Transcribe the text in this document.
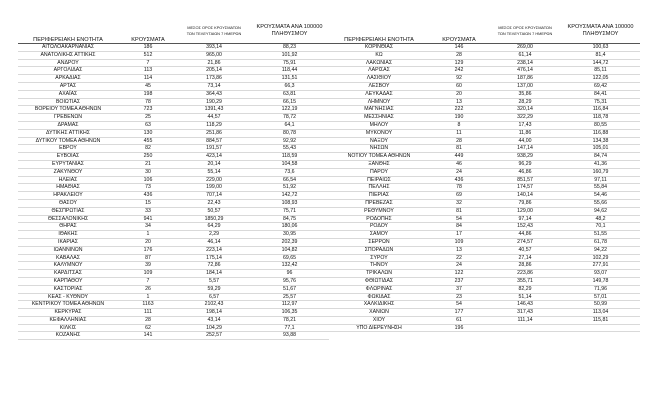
ΠΕΡΙΦΕΡΕΙΑΚΗ ΕΝΟΤΗΤΑ	ΚΡΟΥΣΜΑΤΑ
ΜΕΣΟΣ ΟΡΟΣ ΚΡΟΥΣΜΑΤΩΝ
ΤΩΝ ΤΕΛΕΥΤΑΙΩΝ 7 ΗΜΕΡΩΝ
ΚΡΟΥΣΜΑΤΑ ΑΝΑ 100000
ΠΛΗΘΥΣΜΟΥ
ΑΙΤΩΛΟΑΚΑΡΝΑΝΙΑΣ	186	393,14	88,23
ΑΝΑΤΟΛΙΚΗΣ ΑΤΤΙΚΗΣ	512	965,00	101,92
ΑΝΔΡΟΥ	7	21,86	75,91
ΑΡΓΟΛΙΔΑΣ	113	205,14	118,44
ΑΡΚΑΔΙΑΣ	114	173,86	131,51
ΑΡΤΑΣ	45	73,14	66,3
ΑΧΑΪΑΣ	198	364,43	63,81
ΒΟΙΩΤΙΑΣ	78	190,29	66,15
ΒΟΡΕΙΟΥ ΤΟΜΕΑ ΑΘΗΝΩΝ	723	1391,43	122,19
ΓΡΕΒΕΝΩΝ	25	44,57	78,72
ΔΡΑΜΑΣ	63	118,29	64,1
ΔΥΤΙΚΗΣ ΑΤΤΙΚΗΣ	130	251,86	80,78
ΔΥΤΙΚΟΥ ΤΟΜΕΑ ΑΘΗΝΩΝ	455	884,57	92,92
ΕΒΡΟΥ	82	191,57	55,43
ΕΥΒΟΙΑΣ	250	423,14	118,59
ΕΥΡΥΤΑΝΙΑΣ	21	20,14	104,58
ΖΑΚΥΝΘΟΥ	30	55,14	73,6
ΗΛΕΙΑΣ	106	229,00	66,54
ΗΜΑΘΙΑΣ	73	199,00	51,92
ΗΡΑΚΛΕΙΟΥ	436	707,14	142,72
ΘΑΣΟΥ	15	22,43	108,93
ΘΕΣΠΡΩΤΙΑΣ	33	50,57	75,71
ΘΕΣΣΑΛΟΝΙΚΗΣ	941	1850,29	84,75
ΘΗΡΑΣ	34	64,29	180,06
ΙΘΑΚΗΣ	1	2,29	30,95
ΙΚΑΡΙΑΣ	20	46,14	202,39
ΙΩΑΝΝΙΝΩΝ	176	223,14	104,82
ΚΑΒΑΛΑΣ	87	175,14	69,65
ΚΑΛΥΜΝΟΥ	39	72,86	132,42
ΚΑΡΔΙΤΣΑΣ	109	184,14	96
ΚΑΡΠΑΘΟΥ	7	5,57	95,76
ΚΑΣΤΟΡΙΑΣ	26	59,29	51,67
ΚΕΑΣ - ΚΥΘΝΟΥ	1	6,57	25,57
ΚΕΝΤΡΙΚΟΥ ΤΟΜΕΑ ΑΘΗΝΩΝ	1163	2102,43	112,97
ΚΕΡΚΥΡΑΣ	111	198,14	106,35
ΚΕΦΑΛΛΗΝΙΑΣ	28	43,14	78,21
ΚΙΛΚΙΣ	62	104,29	77,1
ΚΟΖΑΝΗΣ	141	252,57	93,88
ΠΕΡΙΦΕΡΕΙΑΚΗ ΕΝΟΤΗΤΑ	ΚΡΟΥΣΜΑΤΑ
ΜΕΣΟΣ ΟΡΟΣ ΚΡΟΥΣΜΑΤΩΝ
ΤΩΝ ΤΕΛΕΥΤΑΙΩΝ 7 ΗΜΕΡΩΝ
ΚΡΟΥΣΜΑΤΑ ΑΝΑ 100000
ΠΛΗΘΥΣΜΟΥ
ΚΟΡΙΝΘΙΑΣ	146	269,00	100,63
ΚΩ	28	61,14	81,4
ΛΑΚΩΝΙΑΣ	129	238,14	144,72
ΛΑΡΙΣΑΣ	242	476,14	85,11
ΛΑΣΙΘΙΟΥ	92	187,86	122,05
ΛΕΣΒΟΥ	60	137,00	69,42
ΛΕΥΚΑΔΑΣ	20	35,86	84,41
ΛΗΜΝΟΥ	13	28,29	75,31
ΜΑΓΝΗΣΙΑΣ	222	320,14	116,84
ΜΕΣΣΗΝΙΑΣ	190	322,29	118,78
ΜΗΛΟΥ	8	17,43	80,55
ΜΥΚΟΝΟΥ	11	11,86	116,88
ΝΑΞΟΥ	28	44,00	134,38
ΝΗΣΩΝ	81	147,14	105,01
ΝΟΤΙΟΥ ΤΟΜΕΑ ΑΘΗΝΩΝ	449	938,29	84,74
ΞΑΝΘΗΣ	46	96,29	41,36
ΠΑΡΟΥ	24	46,86	160,79
ΠΕΙΡΑΙΩΣ	436	851,57	97,11
ΠΕΛΛΗΣ	78	174,57	55,84
ΠΙΕΡΙΑΣ	69	140,14	54,46
ΠΡΕΒΕΖΑΣ	32	79,86	55,66
ΡΕΘΥΜΝΟΥ	81	129,00	94,62
ΡΟΔΟΠΗΣ	54	97,14	48,2
ΡΟΔΟΥ	84	152,43	70,1
ΣΑΜΟΥ	17	44,86	51,55
ΣΕΡΡΩΝ	109	274,57	61,78
ΣΠΟΡΑΔΩΝ	13	40,57	94,22
ΣΥΡΟΥ	22	27,14	102,29
ΤΗΝΟΥ	24	28,86	277,91
ΤΡΙΚΑΛΩΝ	122	223,86	93,07
ΦΘΙΩΤΙΔΑΣ	237	355,71	149,78
ΦΛΩΡΙΝΑΣ	37	82,29	71,96
ΦΩΚΙΔΑΣ	23	51,14	57,01
ΧΑΛΚΙΔΙΚΗΣ	54	146,43	50,99
ΧΑΝΙΩΝ	177	317,43	113,04
ΧΙΟΥ	61	111,14	115,81
ΥΠΟ ΔΙΕΡΕΥΝΗΣΗ	196
